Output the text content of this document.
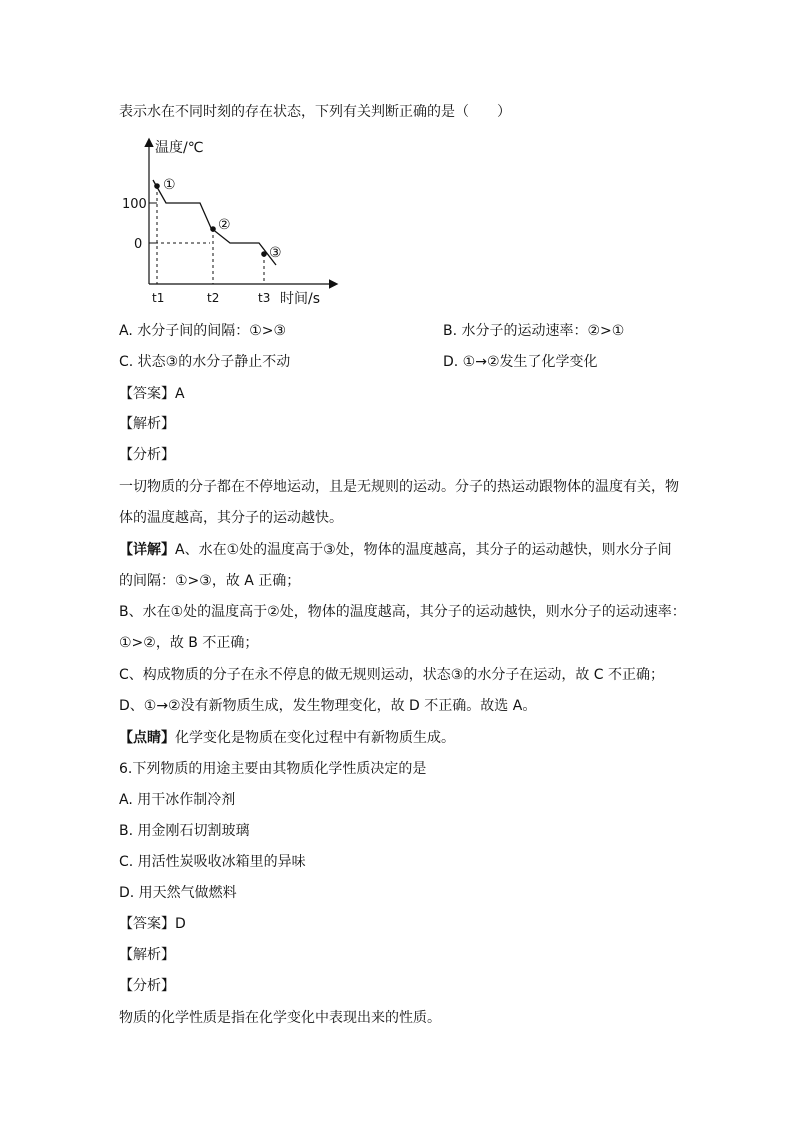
表示水在不同时刻的存在状态，下列有关判断正确的是（　　）
温度/℃
100
0
①
②
③
t1	t2	t3 时间/s
A. 水分子间的间隔：①>③	B. 水分子的运动速率：②>①
C. 状态③的水分子静止不动	D. ①→②发生了化学变化
【答案】A
【解析】
【分析】
一切物质的分子都在不停地运动，且是无规则的运动。分子的热运动跟物体的温度有关，物
体的温度越高，其分子的运动越快。
【详解】A、水在①处的温度高于③处，物体的温度越高，其分子的运动越快，则水分子间
的间隔：①>③，故 A 正确；
B、水在①处的温度高于②处，物体的温度越高，其分子的运动越快，则水分子的运动速率：
①>②，故 B 不正确；
C、构成物质的分子在永不停息的做无规则运动，状态③的水分子在运动，故 C 不正确；
D、①→②没有新物质生成，发生物理变化，故 D 不正确。故选 A。
【点睛】化学变化是物质在变化过程中有新物质生成。
6.下列物质的用途主要由其物质化学性质决定的是
A. 用干冰作制冷剂
B. 用金刚石切割玻璃
C. 用活性炭吸收冰箱里的异味
D. 用天然气做燃料
【答案】D
【解析】
【分析】
物质的化学性质是指在化学变化中表现出来的性质。
